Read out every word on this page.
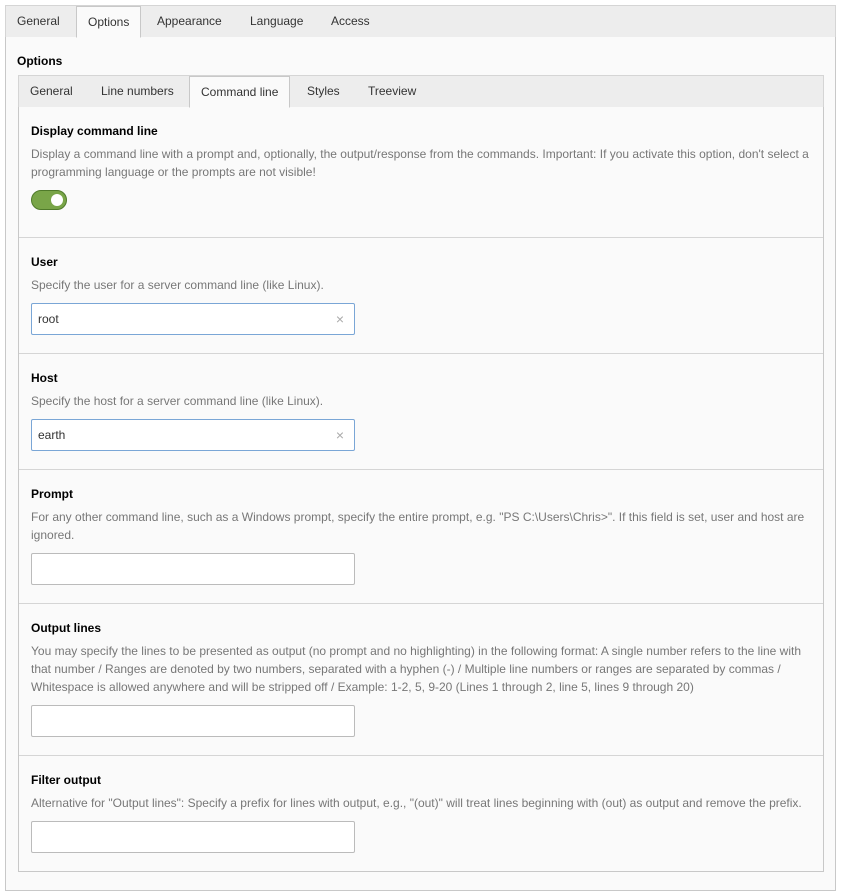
General	Options	Appearance	Language	Access
Options
General	Line numbers	Command line	Styles	Treeview
Display command line
Display a command line with a prompt and, optionally, the output/response from the commands. Important: If you activate this option, don't select a programming language or the prompts are not visible!
User
Specify the user for a server command line (like Linux).
root	×
Host
Specify the host for a server command line (like Linux).
earth	×
Prompt
For any other command line, such as a Windows prompt, specify the entire prompt, e.g. "PS C:\Users\Chris>". If this field is set, user and host are ignored.
Output lines
You may specify the lines to be presented as output (no prompt and no highlighting) in the following format: A single number refers to the line with that number / Ranges are denoted by two numbers, separated with a hyphen (-) / Multiple line numbers or ranges are separated by commas / Whitespace is allowed anywhere and will be stripped off / Example: 1-2, 5, 9-20 (Lines 1 through 2, line 5, lines 9 through 20)
Filter output
Alternative for "Output lines": Specify a prefix for lines with output, e.g., "(out)" will treat lines beginning with (out) as output and remove the prefix.
